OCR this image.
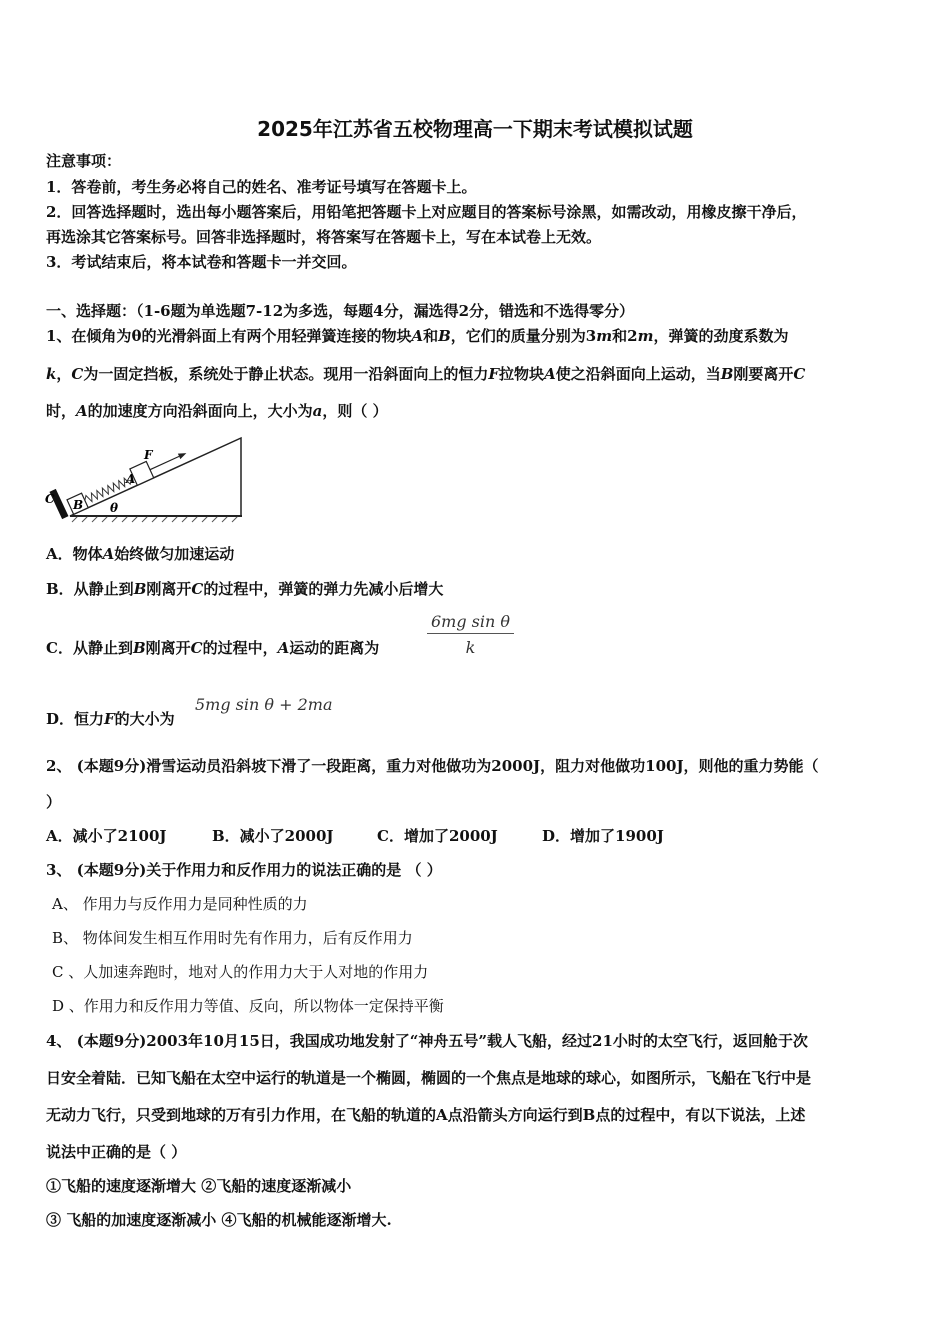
2025年江苏省五校物理高一下期末考试模拟试题
注意事项：
1．答卷前，考生务必将自己的姓名、准考证号填写在答题卡上。
2．回答选择题时，选出每小题答案后，用铅笔把答题卡上对应题目的答案标号涂黑，如需改动，用橡皮擦干净后，
再选涂其它答案标号。回答非选择题时，将答案写在答题卡上，写在本试卷上无效。
3．考试结束后，将本试卷和答题卡一并交回。
一、选择题：（1-6题为单选题7-12为多选，每题4分，漏选得2分，错选和不选得零分）
1、在倾角为θ的光滑斜面上有两个用轻弹簧连接的物块A和B，它们的质量分别为3m和2m，弹簧的劲度系数为
k，C为一固定挡板，系统处于静止状态。现用一沿斜面向上的恒力F拉物块A使之沿斜面向上运动，当B刚要离开C
时，A的加速度方向沿斜面向上，大小为a，则（ ）
F
A
B
C
θ
A．物体A始终做匀加速运动
B．从静止到B刚离开C的过程中，弹簧的弹力先减小后增大
C．从静止到B刚离开C的过程中，A运动的距离为	$\frac{\text{6mg sin θ}}{k}$
D．恒力F的大小为
5mg sin θ + 2ma
2、 (本题9分)滑雪运动员沿斜坡下滑了一段距离，重力对他做功为2000J，阻力对他做功100J，则他的重力势能（
）
A．减小了2100J	B．减小了2000J	C．增加了2000J	D．增加了1900J
3、 (本题9分)关于作用力和反作用力的说法正确的是 （ ）
A、 作用力与反作用力是同种性质的力
B、 物体间发生相互作用时先有作用力，后有反作用力
C 、人加速奔跑时，地对人的作用力大于人对地的作用力
D 、作用力和反作用力等值、反向，所以物体一定保持平衡
4、 (本题9分)2003年10月15日，我国成功地发射了“神舟五号”载人飞船，经过21小时的太空飞行，返回舱于次
日安全着陆．已知飞船在太空中运行的轨道是一个椭圆，椭圆的一个焦点是地球的球心，如图所示，飞船在飞行中是
无动力飞行，只受到地球的万有引力作用，在飞船的轨道的A点沿箭头方向运行到B点的过程中，有以下说法，上述
说法中正确的是（ ）
①飞船的速度逐渐增大 ②飞船的速度逐渐减小
③ 飞船的加速度逐渐减小 ④飞船的机械能逐渐增大.
